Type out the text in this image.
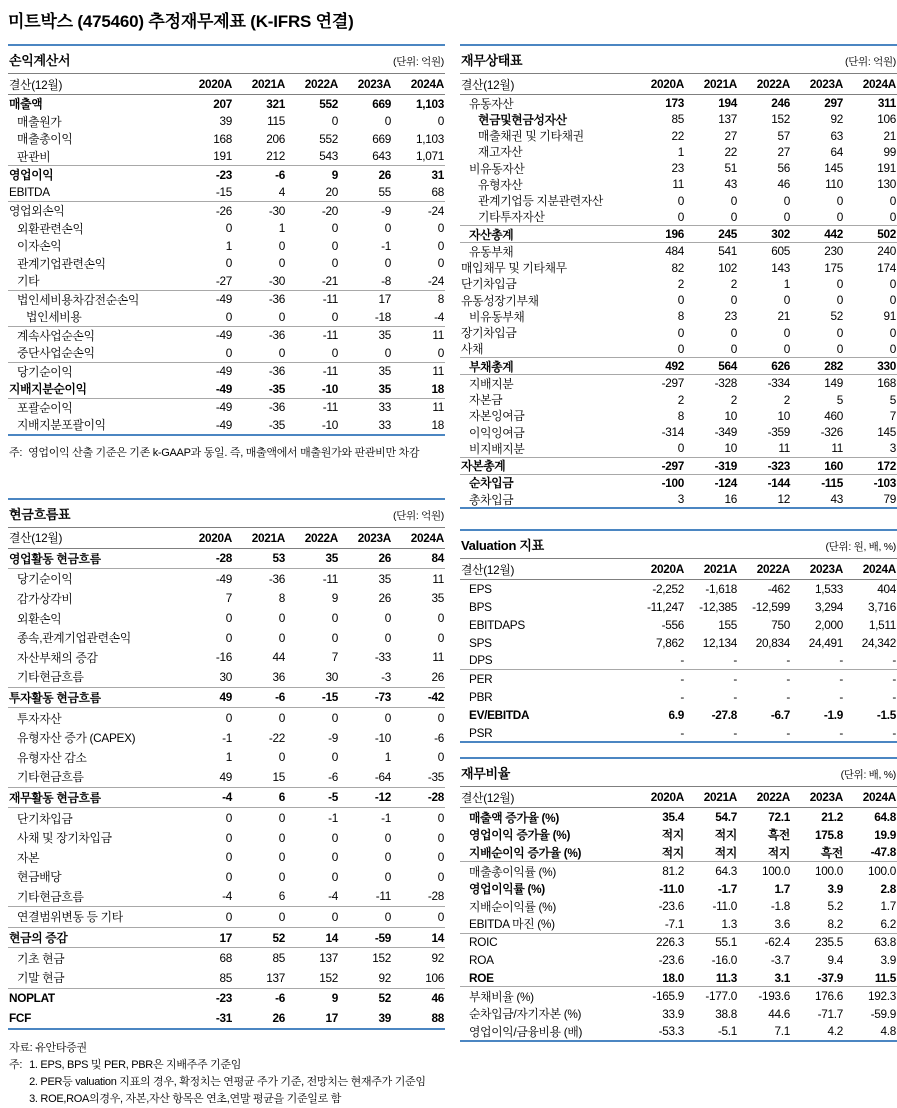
미트박스 (475460) 추정재무제표 (K-IFRS 연결)
손익계산서	(단위: 억원)
결산(12월)	2020A	2021A	2022A	2023A	2024A
매출액	207	321	552	669	1,103
매출원가	39	115	0	0	0
매출총이익	168	206	552	669	1,103
판관비	191	212	543	643	1,071
영업이익	-23	-6	9	26	31
EBITDA	-15	4	20	55	68
영업외손익	-26	-30	-20	-9	-24
외환관련손익	0	1	0	0	0
이자손익	1	0	0	-1	0
관계기업관련손익	0	0	0	0	0
기타	-27	-30	-21	-8	-24
법인세비용차감전순손익	-49	-36	-11	17	8
법인세비용	0	0	0	-18	-4
계속사업순손익	-49	-36	-11	35	11
중단사업순손익	0	0	0	0	0
당기순이익	-49	-36	-11	35	11
지배지분순이익	-49	-35	-10	35	18
포괄순이익	-49	-36	-11	33	11
지배지분포괄이익	-49	-35	-10	33	18
주: 영업이익 산출 기준은 기존 k-GAAP과 동일. 즉, 매출액에서 매출원가와 판관비만 차감
현금흐름표	(단위: 억원)
결산(12월)	2020A	2021A	2022A	2023A	2024A
영업활동 현금흐름	-28	53	35	26	84
당기순이익	-49	-36	-11	35	11
감가상각비	7	8	9	26	35
외환손익	0	0	0	0	0
종속,관계기업관련손익	0	0	0	0	0
자산부채의 증감	-16	44	7	-33	11
기타현금흐름	30	36	30	-3	26
투자활동 현금흐름	49	-6	-15	-73	-42
투자자산	0	0	0	0	0
유형자산 증가 (CAPEX)	-1	-22	-9	-10	-6
유형자산 감소	1	0	0	1	0
기타현금흐름	49	15	-6	-64	-35
재무활동 현금흐름	-4	6	-5	-12	-28
단기차입금	0	0	-1	-1	0
사채 및 장기차입금	0	0	0	0	0
자본	0	0	0	0	0
현금배당	0	0	0	0	0
기타현금흐름	-4	6	-4	-11	-28
연결범위변동 등 기타	0	0	0	0	0
현금의 증감	17	52	14	-59	14
기초 현금	68	85	137	152	92
기말 현금	85	137	152	92	106
NOPLAT	-23	-6	9	52	46
FCF	-31	26	17	39	88
자료: 유안타증권
주: 1. EPS, BPS 및 PER, PBR은 지배주주 기준임
2. PER등 valuation 지표의 경우, 확정치는 연평균 주가 기준, 전망치는 현재주가 기준임
3. ROE,ROA의경우, 자본,자산 항목은 연초,연말 평균을 기준일로 함
재무상태표	(단위: 억원)
결산(12월)	2020A	2021A	2022A	2023A	2024A
유동자산	173	194	246	297	311
현금및현금성자산	85	137	152	92	106
매출채권 및 기타채권	22	27	57	63	21
재고자산	1	22	27	64	99
비유동자산	23	51	56	145	191
유형자산	11	43	46	110	130
관계기업등 지분관련자산	0	0	0	0	0
기타투자자산	0	0	0	0	0
자산총계	196	245	302	442	502
유동부채	484	541	605	230	240
매입채무 및 기타채무	82	102	143	175	174
단기차입금	2	2	1	0	0
유동성장기부채	0	0	0	0	0
비유동부채	8	23	21	52	91
장기차입금	0	0	0	0	0
사채	0	0	0	0	0
부채총계	492	564	626	282	330
지배지분	-297	-328	-334	149	168
자본금	2	2	2	5	5
자본잉여금	8	10	10	460	7
이익잉여금	-314	-349	-359	-326	145
비지배지분	0	10	11	11	3
자본총계	-297	-319	-323	160	172
순차입금	-100	-124	-144	-115	-103
총차입금	3	16	12	43	79
Valuation 지표	(단위: 원, 배, %)
결산(12월)	2020A	2021A	2022A	2023A	2024A
EPS	-2,252	-1,618	-462	1,533	404
BPS	-11,247	-12,385	-12,599	3,294	3,716
EBITDAPS	-556	155	750	2,000	1,511
SPS	7,862	12,134	20,834	24,491	24,342
DPS	-	-	-	-	-
PER	-	-	-	-	-
PBR	-	-	-	-	-
EV/EBITDA	6.9	-27.8	-6.7	-1.9	-1.5
PSR	-	-	-	-	-
재무비율	(단위: 배, %)
결산(12월)	2020A	2021A	2022A	2023A	2024A
매출액 증가율 (%)	35.4	54.7	72.1	21.2	64.8
영업이익 증가율 (%)	적지	적지	흑전	175.8	19.9
지배순이익 증가율 (%)	적지	적지	적지	흑전	-47.8
매출총이익률 (%)	81.2	64.3	100.0	100.0	100.0
영업이익률 (%)	-11.0	-1.7	1.7	3.9	2.8
지배순이익률 (%)	-23.6	-11.0	-1.8	5.2	1.7
EBITDA 마진 (%)	-7.1	1.3	3.6	8.2	6.2
ROIC	226.3	55.1	-62.4	235.5	63.8
ROA	-23.6	-16.0	-3.7	9.4	3.9
ROE	18.0	11.3	3.1	-37.9	11.5
부채비율 (%)	-165.9	-177.0	-193.6	176.6	192.3
순차입금/자기자본 (%)	33.9	38.8	44.6	-71.7	-59.9
영업이익/금융비용 (배)	-53.3	-5.1	7.1	4.2	4.8
